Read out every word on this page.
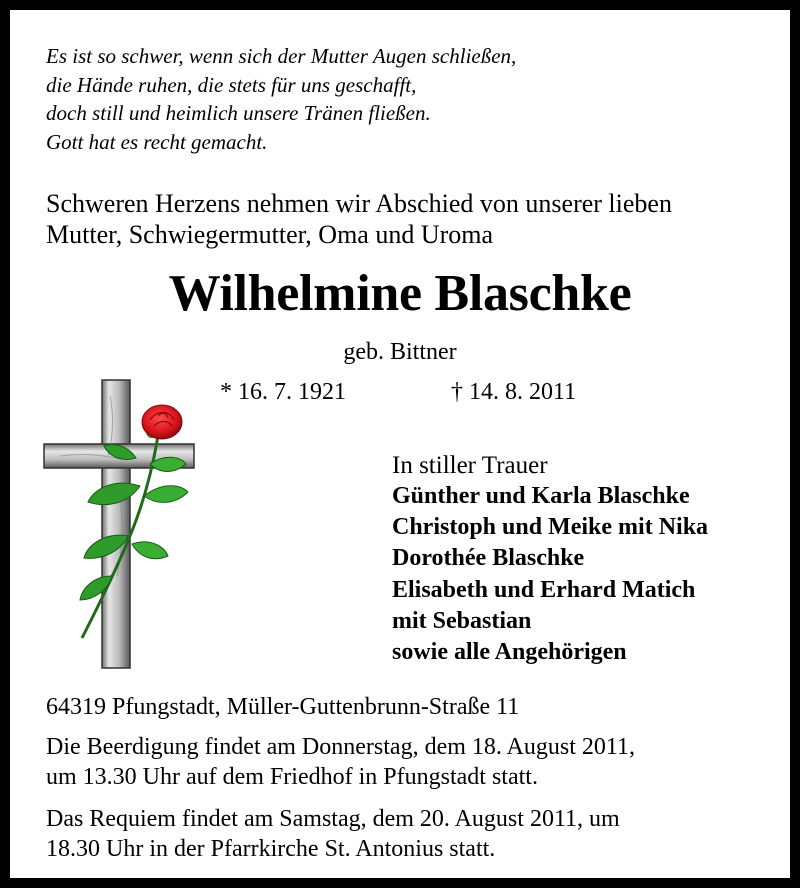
Es ist so schwer, wenn sich der Mutter Augen schließen,
die Hände ruhen, die stets für uns geschafft,
doch still und heimlich unsere Tränen fließen.
Gott hat es recht gemacht.
Schweren Herzens nehmen wir Abschied von unserer lieben
Mutter, Schwiegermutter, Oma und Uroma
Wilhelmine Blaschke
geb. Bittner
* 16. 7. 1921	† 14. 8. 2011
In stiller Trauer
Günther und Karla Blaschke
Christoph und Meike mit Nika
Dorothée Blaschke
Elisabeth und Erhard Matich
mit Sebastian
sowie alle Angehörigen
64319 Pfungstadt, Müller-Guttenbrunn-Straße 11
Die Beerdigung findet am Donnerstag, dem 18. August 2011,
um 13.30 Uhr auf dem Friedhof in Pfungstadt statt.
Das Requiem findet am Samstag, dem 20. August 2011, um
18.30 Uhr in der Pfarrkirche St. Antonius statt.
